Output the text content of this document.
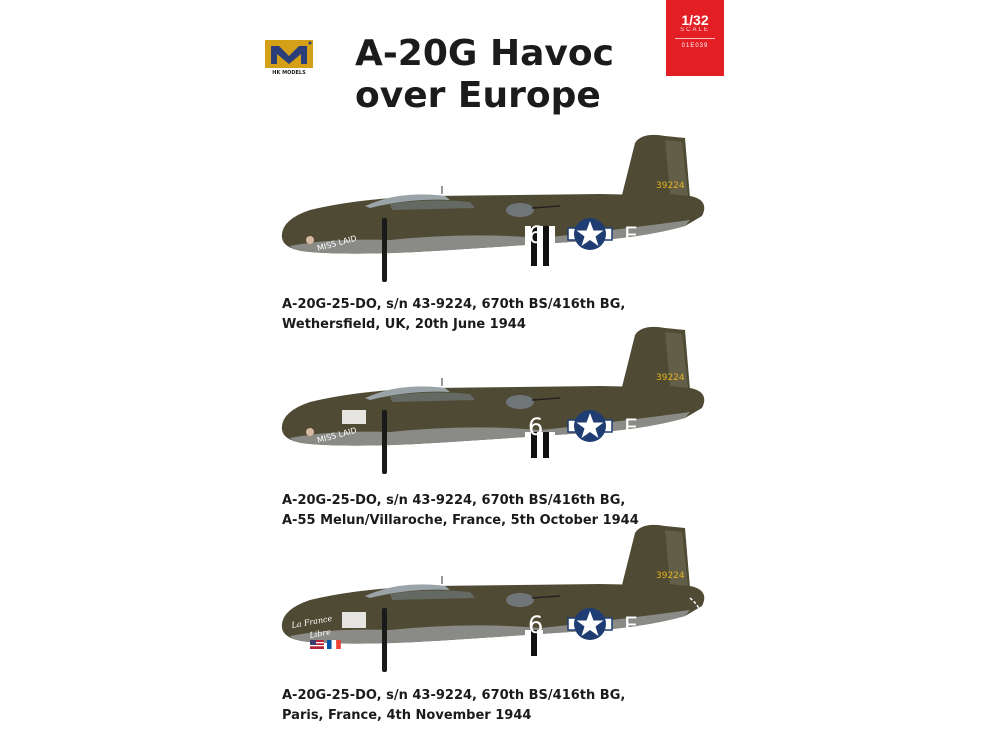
HK MODELS A-20G Havoc
over Europe
1/32
SCALE
01E039
6	E
39224
MISS LAID
A-20G-25-DO, s/n 43-9224, 670th BS/416th BG,
Wethersfield, UK, 20th June 1944
6	E
39224
MISS LAID
A-20G-25-DO, s/n 43-9224, 670th BS/416th BG,
A-55 Melun/Villaroche, France, 5th October 1944
6	E
39224
La France
Libre
A-20G-25-DO, s/n 43-9224, 670th BS/416th BG,
Paris, France, 4th November 1944
